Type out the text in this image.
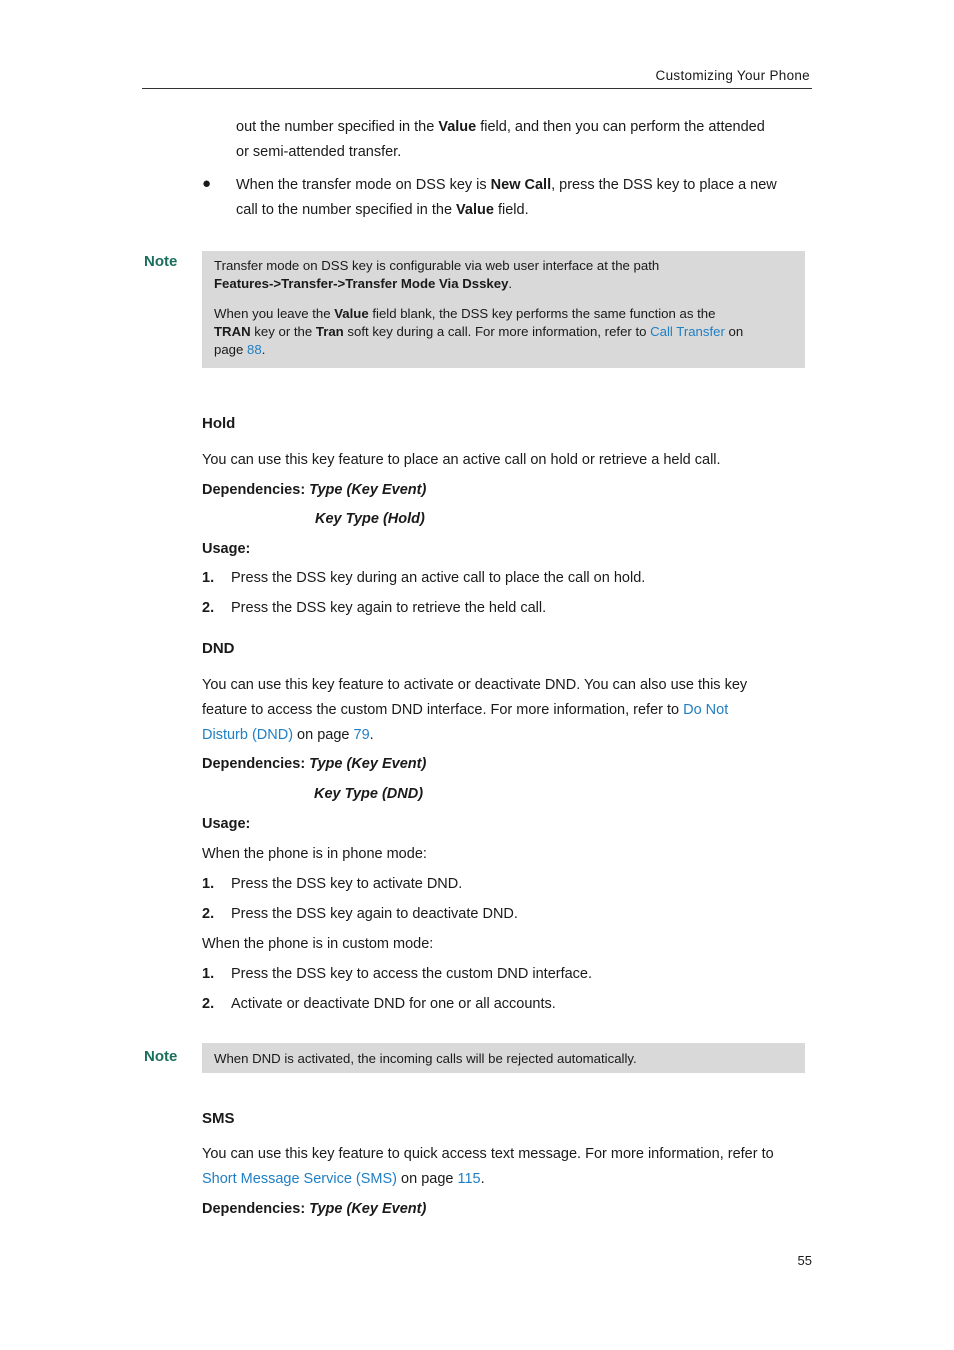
Customizing Your Phone
out the number specified in the Value field, and then you can perform the attended
or semi-attended transfer.
● When the transfer mode on DSS key is New Call, press the DSS key to place a new
call to the number specified in the Value field.
Note	Transfer mode on DSS key is configurable via web user interface at the path

Features->Transfer->Transfer Mode Via Dsskey.

When you leave the Value field blank, the DSS key performs the same function as the

TRAN key or the Tran soft key during a call. For more information, refer to Call Transfer on

page 88.

Hold
You can use this key feature to place an active call on hold or retrieve a held call.
Dependencies: Type (Key Event)
Key Type (Hold)
Usage:
1. Press the DSS key during an active call to place the call on hold.
2. Press the DSS key again to retrieve the held call.
DND
You can use this key feature to activate or deactivate DND. You can also use this key
feature to access the custom DND interface. For more information, refer to Do Not
Disturb (DND) on page 79.
Dependencies: Type (Key Event)
Key Type (DND)
Usage:
When the phone is in phone mode:
1. Press the DSS key to activate DND.
2. Press the DSS key again to deactivate DND.
When the phone is in custom mode:
1. Press the DSS key to access the custom DND interface.
2. Activate or deactivate DND for one or all accounts.
Note	When DND is activated, the incoming calls will be rejected automatically.
SMS
You can use this key feature to quick access text message. For more information, refer to
Short Message Service (SMS) on page 115.
Dependencies: Type (Key Event)
55
